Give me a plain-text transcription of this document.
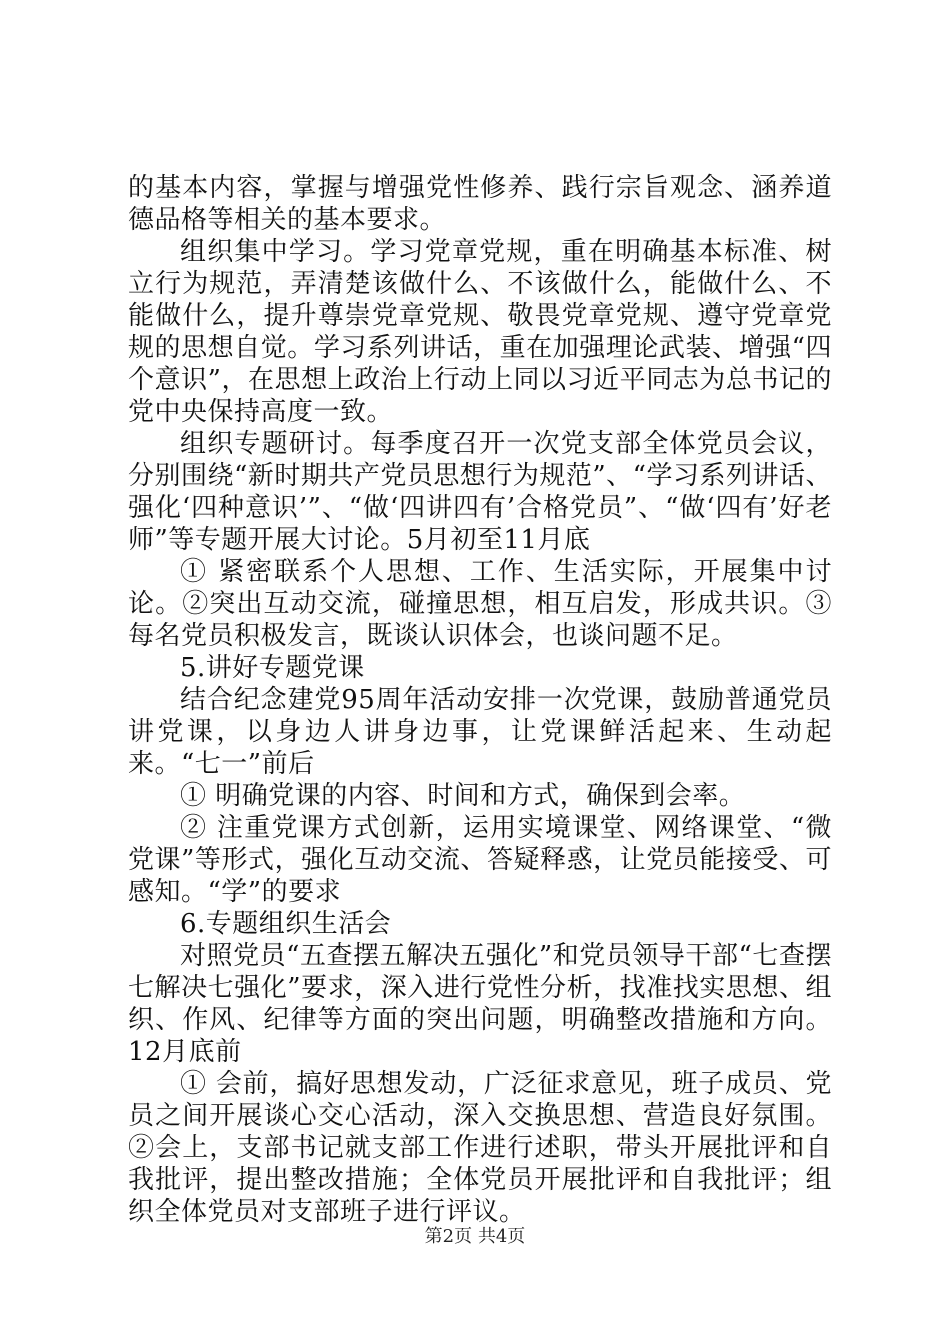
的基本内容，掌握与增强党性修养、践行宗旨观念、涵养道德品格等相关的基本要求。

组织集中学习。学习党章党规，重在明确基本标准、树立行为规范，弄清楚该做什么、不该做什么，能做什么、不能做什么，提升尊崇党章党规、敬畏党章党规、遵守党章党规的思想自觉。学习系列讲话，重在加强理论武装、增强“四个意识”，在思想上政治上行动上同以习近平同志为总书记的党中央保持高度一致。

组织专题研讨。每季度召开一次党支部全体党员会议，分别围绕“新时期共产党员思想行为规范”、“学习系列讲话、强化‘四种意识’”、“做‘四讲四有’合格党员”、“做‘四有’好老师”等专题开展大讨论。5月初至11月底

① 紧密联系个人思想、工作、生活实际，开展集中讨论。②突出互动交流，碰撞思想，相互启发，形成共识。③每名党员积极发言，既谈认识体会，也谈问题不足。

5.讲好专题党课

结合纪念建党95周年活动安排一次党课，鼓励普通党员讲党课，以身边人讲身边事，让党课鲜活起来、生动起来。“七一”前后

① 明确党课的内容、时间和方式，确保到会率。

② 注重党课方式创新，运用实境课堂、网络课堂、“微党课”等形式，强化互动交流、答疑释惑，让党员能接受、可感知。“学”的要求

6.专题组织生活会

对照党员“五查摆五解决五强化”和党员领导干部“七查摆七解决七强化”要求，深入进行党性分析，找准找实思想、组织、作风、纪律等方面的突出问题，明确整改措施和方向。12月底前

① 会前，搞好思想发动，广泛征求意见，班子成员、党员之间开展谈心交心活动，深入交换思想、营造良好氛围。②会上，支部书记就支部工作进行述职，带头开展批评和自我批评，提出整改措施；全体党员开展批评和自我批评；组织全体党员对支部班子进行评议。

第2页 共4页
